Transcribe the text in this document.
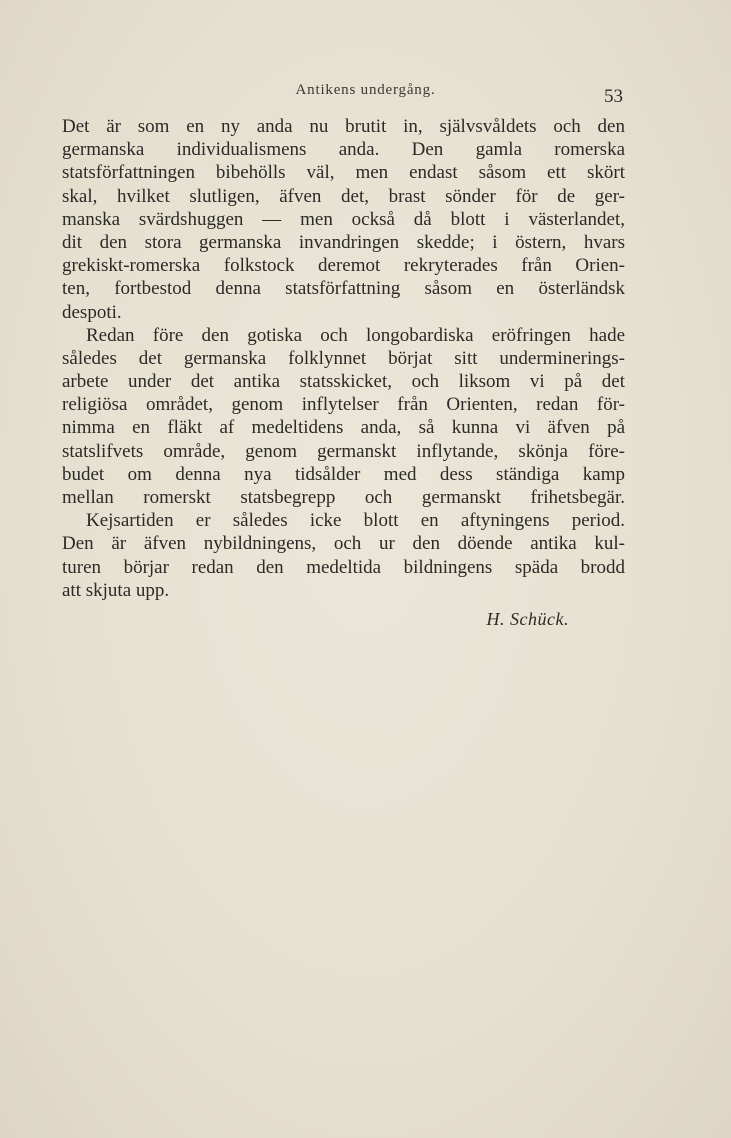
Antikens undergång.	53
Det är som en ny anda nu brutit in, självsvåldets och den
germanska individualismens anda. Den gamla romerska
statsförfattningen bibehölls väl, men endast såsom ett skört
skal, hvilket slutligen, äfven det, brast sönder för de ger-
manska svärdshuggen — men också då blott i västerlandet,
dit den stora germanska invandringen skedde; i östern, hvars
grekiskt-romerska folkstock deremot rekryterades från Orien-
ten, fortbestod denna statsförfattning såsom en österländsk
despoti.
Redan före den gotiska och longobardiska eröfringen hade
således det germanska folklynnet börjat sitt underminerings-
arbete under det antika statsskicket, och liksom vi på det
religiösa området, genom inflytelser från Orienten, redan för-
nimma en fläkt af medeltidens anda, så kunna vi äfven på
statslifvets område, genom germanskt inflytande, skönja före-
budet om denna nya tidsålder med dess ständiga kamp
mellan romerskt statsbegrepp och germanskt frihetsbegär.
Kejsartiden er således icke blott en aftyningens period.
Den är äfven nybildningens, och ur den döende antika kul-
turen börjar redan den medeltida bildningens späda brodd
att skjuta upp.
H. Schück.
